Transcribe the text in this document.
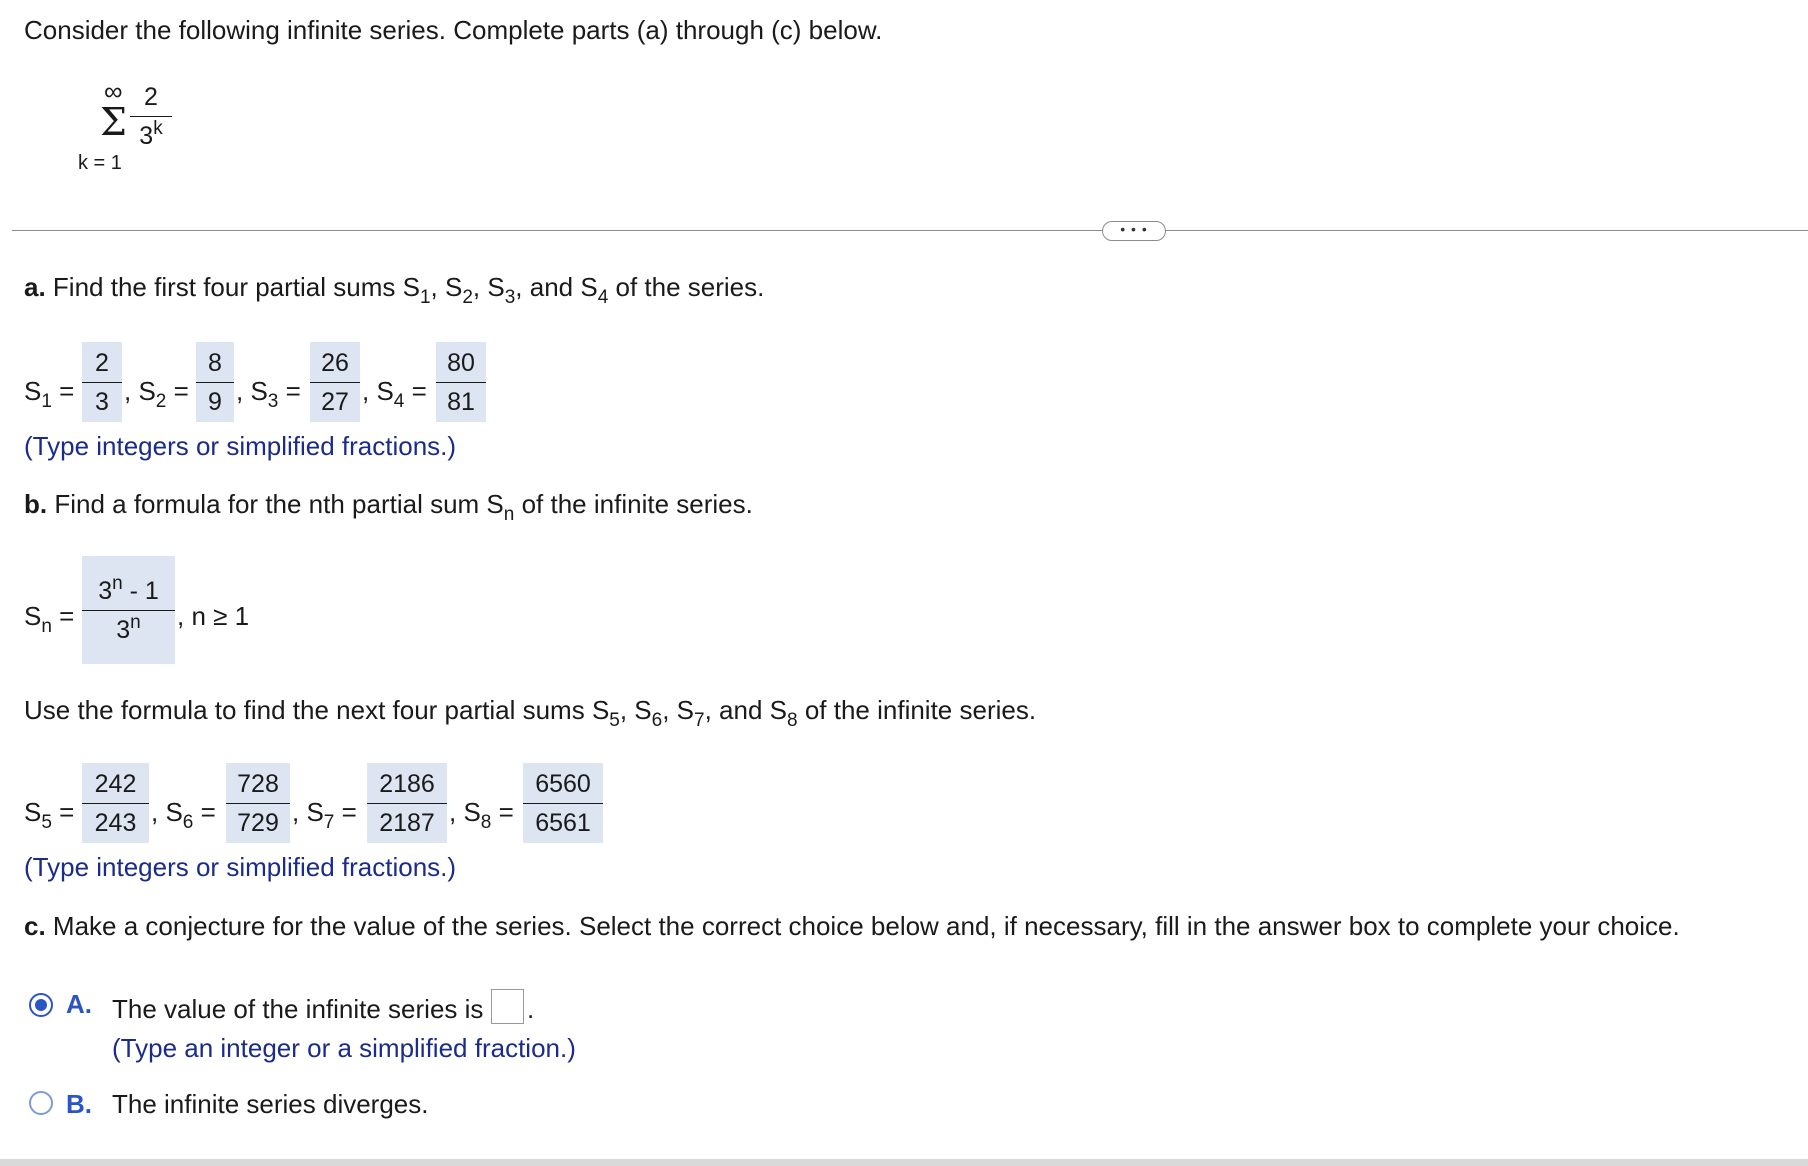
Consider the following infinite series. Complete parts (a) through (c) below.
∞
Σ
k = 1
2
3$^k$
• • •
a. Find the first four partial sums $S_1$, $S_2$, $S_3$, and $S_4$ of the series.
$S_1$ =
2
3 , $S_2$ =
8
9 , $S_3$ =
26
27 , $S_4$ =
80
81
(Type integers or simplified fractions.)
b. Find a formula for the nth partial sum $S_n$ of the infinite series.
$S_n$ =
$3^n - 1$
3$^n$ , n ≥ 1
Use the formula to find the next four partial sums $S_5$, $S_6$, $S_7$, and $S_8$ of the infinite series.
$S_5$ =
242
243 , $S_6$ =
728
729 , $S_7$ =
2186
2187 , $S_8$ =
6560
6561
(Type integers or simplified fractions.)
c. Make a conjecture for the value of the series. Select the correct choice below and, if necessary, fill in the answer box to complete your choice.
A. The value of the infinite series is .
(Type an integer or a simplified fraction.)
B. The infinite series diverges.
